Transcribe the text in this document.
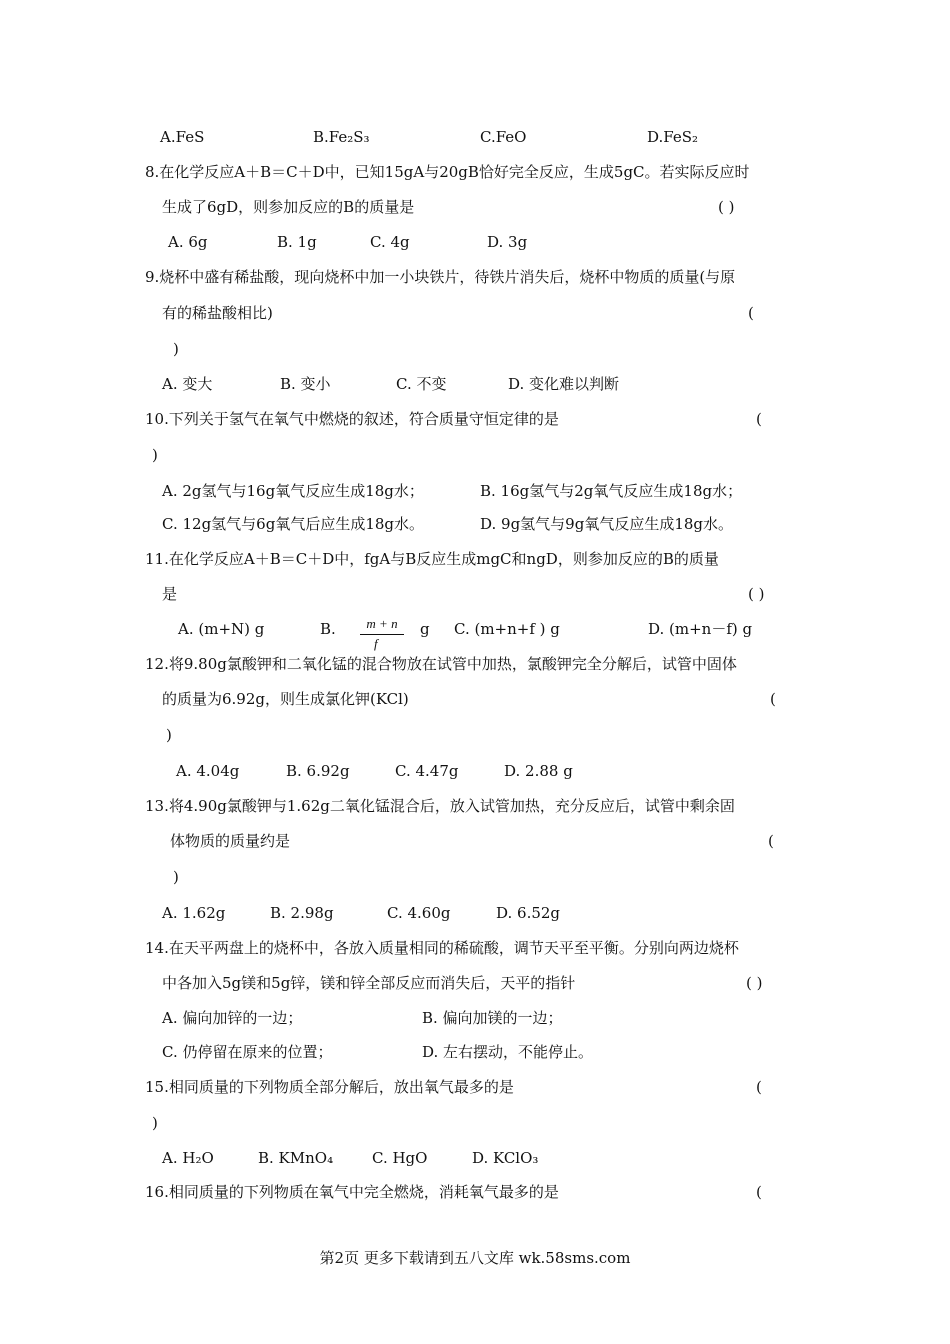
A.FeS	B.Fe₂S₃	C.FeO	D.FeS₂
8.在化学反应A＋B＝C＋D中，已知15gA与20gB恰好完全反应，生成5gC。若实际反应时
生成了6gD，则参加反应的B的质量是	( )
A. 6g	B. 1g	C. 4g	D. 3g
9.烧杯中盛有稀盐酸，现向烧杯中加一小块铁片，待铁片消失后，烧杯中物质的质量(与原
有的稀盐酸相比)	(
)
A. 变大	B. 变小	C. 不变	D. 变化难以判断
10.下列关于氢气在氧气中燃烧的叙述，符合质量守恒定律的是	(
)
A. 2g氢气与16g氧气反应生成18g水；	B. 16g氢气与2g氧气反应生成18g水；
C. 12g氢气与6g氧气后应生成18g水。	D. 9g氢气与9g氧气反应生成18g水。
11.在化学反应A＋B＝C＋D中，fgA与B反应生成mgC和ngD，则参加反应的B的质量
是	( )
A. (m+N) g	B.	m + n
f
g C. (m+n+f ) g	D. (m+n－f) g
12.将9.80g氯酸钾和二氧化锰的混合物放在试管中加热，氯酸钾完全分解后，试管中固体
的质量为6.92g，则生成氯化钾(KCl)	(
)
A. 4.04g	B. 6.92g	C. 4.47g	D. 2.88 g
13.将4.90g氯酸钾与1.62g二氧化锰混合后，放入试管加热，充分反应后，试管中剩余固
体物质的质量约是	(
)
A. 1.62g	B. 2.98g	C. 4.60g	D. 6.52g
14.在天平两盘上的烧杯中，各放入质量相同的稀硫酸，调节天平至平衡。分别向两边烧杯
中各加入5g镁和5g锌，镁和锌全部反应而消失后，天平的指针	( )
A. 偏向加锌的一边；	B. 偏向加镁的一边；
C. 仍停留在原来的位置；	D. 左右摆动，不能停止。
15.相同质量的下列物质全部分解后，放出氧气最多的是	(
)
A. H₂O	B. KMnO₄	C. HgO	D. KClO₃
16.相同质量的下列物质在氧气中完全燃烧，消耗氧气最多的是	(
第2页 更多下载请到五八文库 wk.58sms.com
